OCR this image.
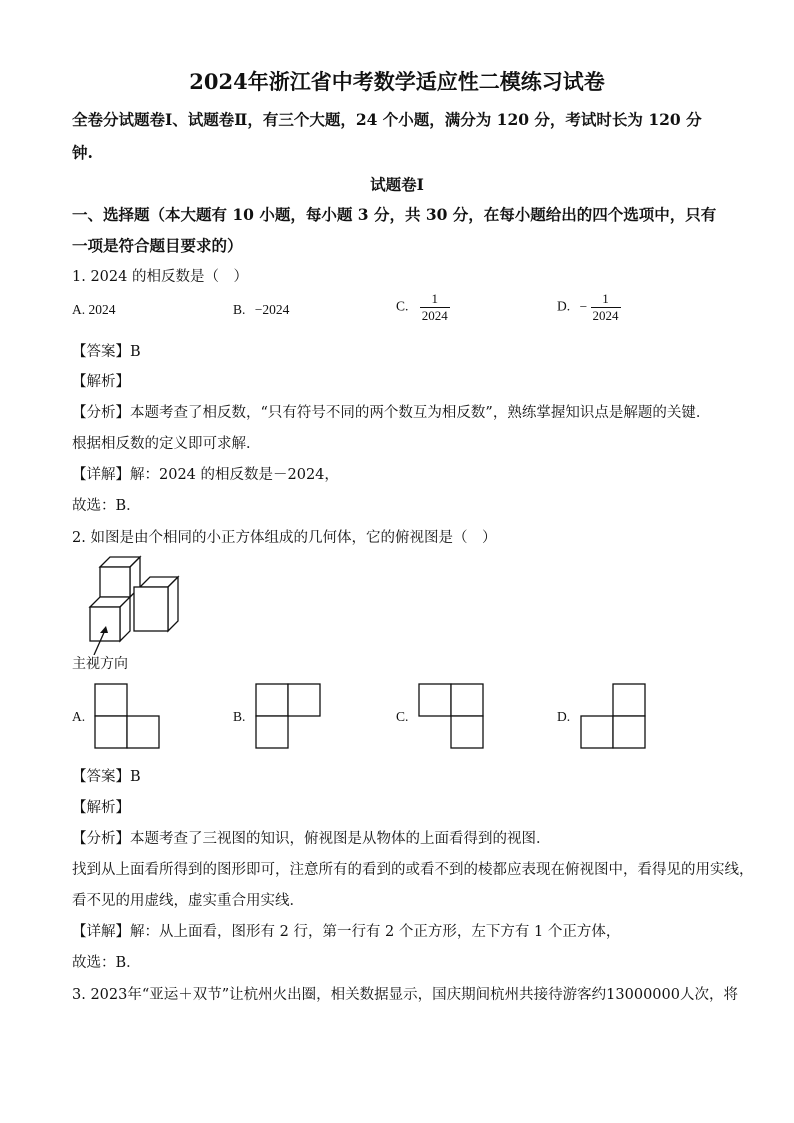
2024年浙江省中考数学适应性二模练习试卷
全卷分试题卷Ⅰ、试题卷Ⅱ，有三个大题，24 个小题，满分为 120 分，考试时长为 120 分
钟.
试题卷Ⅰ
一、选择题（本大题有 10 小题，每小题 3 分，共 30 分，在每小题给出的四个选项中，只有
一项是符合题目要求的）
1. 2024 的相反数是（　）
A. 2024	B. −2024	C. $\frac{1}{2024}$	D. − $\frac{1}{2024}$
【答案】B
【解析】
【分析】本题考查了相反数，“只有符号不同的两个数互为相反数”，熟练掌握知识点是解题的关键．
根据相反数的定义即可求解．
【详解】解：2024 的相反数是－2024，
故选：B．
2. 如图是由个相同的小正方体组成的几何体，它的俯视图是（　）
主视方向
A.	B.	C.	D.
【答案】B
【解析】
【分析】本题考查了三视图的知识，俯视图是从物体的上面看得到的视图．
找到从上面看所得到的图形即可，注意所有的看到的或看不到的棱都应表现在俯视图中，看得见的用实线，
看不见的用虚线，虚实重合用实线．
【详解】解：从上面看，图形有 2 行，第一行有 2 个正方形，左下方有 1 个正方体，
故选：B．
3. 2023年“亚运＋双节”让杭州火出圈，相关数据显示，国庆期间杭州共接待游客约13000000人次，将
